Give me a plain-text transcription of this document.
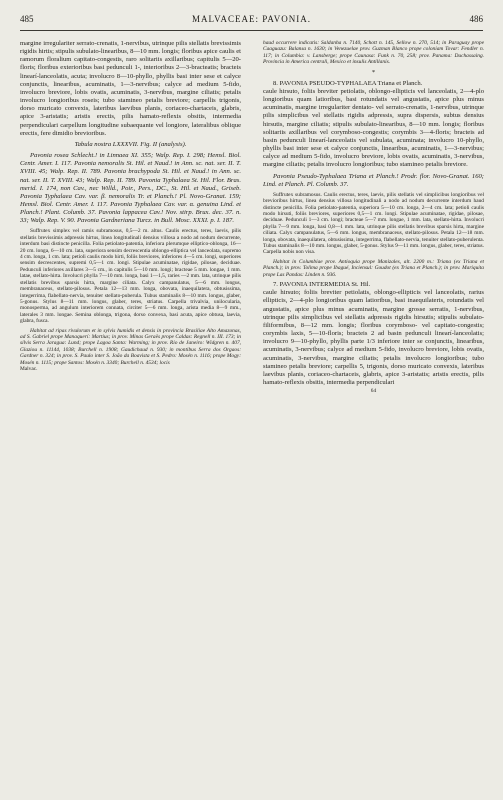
485	MALVACEAE: PAVONIA.	486

margine irregulariter serrato-crenatis, 1-nervibus, utrinque pilis stellatis brevissimis rigidis hirtis; stipulis subulato-linearibus, 8—10 mm. longis; floribus apice caulis et ramorum floralium capitato-congestis, raro solitariis axillaribus; capitulis 5—20-floris; floribus exterioribus basi pedunculi 1-, interioribus 2—3-bracteatis; bracteis linearí-lanceolatis, acuta; involucro 8—10-phyllo, phyllis basi inter sese et calyce conjunctis, linearibus, acuminatis, 1—3-nervibus; calyce ad medium 5-fido, involucro breviore, lobis ovatis, acuminatis, 3-nervibus, margine ciliatis; petalis involucro longioribus roseis; tubo stamineo petalis breviore; carpellis trigonis, dorso muricato convexis, lateribus laevibus planis, coriaceo-chartaceis, glabris, apice 3-aristatis; aristis erectis, pilis hamato-reflexis obsitis, intermedia perpendiculari carpellum longitudine subaequante vel longiore, lateralibus oblique erectis, fere dimidio brevioribus.

Tabula nostra LXXXVII. Fig. II (analysis).

Pavonia rosea Schlecht.! in Linnaea XI. 355; Walp. Rep. I. 298; Hemsl. Biol. Centr. Amer. I. 117. Pavonia nemoralis St. Hil. et Naud.! in Ann. sc. nat. ser. II. T. XVIII. 45; Walp. Rep. II. 789. Pavonia brachypoda St. Hil. et Naud.! in Ann. sc. nat. ser. II. T. XVIII. 43; Walp. Rep. II. 789. Pavonia Typhalaea St. Hil. Flor. Bras. merid. I. 174, non Cav., nec Willd., Poir., Pers., DC., St. Hil. et Naud., Griseb. Pavonia Typhalaea Cav. var. β. nemoralis Tr. et Planch.! Pl. Novo-Granat. 159; Hemsl. Biol. Centr. Amer. I. 117. Pavonia Typhalaea Cav. var. α. genuina Lind. et Planch.! Plant. Columb. 37. Pavonia lappacea Cav.! Nov. stirp. Brux. dec. 37. n. 33; Walp. Rep. V. 90. Pavonia Gardneriana Turcz. in Bull. Mosc. XXXI. p. I. 187.

Suffrutex simplex vel ramis subramosus, 0,5—2 m. altus. Caulis erectus, teres, laevis, pilis stellatis brevissimis adpressis hirtus, linea longitudinali densius villosa a nodo ad nodum decurrente, interdum basi distincte penicilla. Folia petiolato-patentia, inferiora plerumque elliptico-oblonga, 16—20 cm. longa, 6—10 cm. lata, superiora sensim decrescentia oblongo-elliptica vel lanceolata, supremo 4 cm. longa, 1 cm. lata; petioli caulis modo hirti, foliis breviores, inferiores 4—5 cm. longi, superiores sensim decrescentes, supremi 0,5—1 cm. longi. Stipulae acuminatae, rigidae, pilosae, deciduae. Pedunculi inferiores axillares 3—5 cm., in capitulis 5—10 mm. longi; bracteae 5 mm. longae, 1 mm. latae, stellato-hirta. Involucri phylla 7—10 mm. longa, basi 1—1,5, raries —2 mm. lata, utrinque pilis stellatis brevibus sparsis hirta, margine ciliata. Calyx campanulatus, 5—6 mm. longus, membranaceus, stellato-pilosus. Petala 12—13 mm. longa, obovata, inaequilatera, obtusissima, integerrima, flabellato-nervia, tenuiter stellato-puberula. Tubus staminalis 8—10 mm. longus, glaber, 5-gonus. Stylus 8—11 mm. longus, glaber, teres, striatus. Carpella trivalvia, unilocularia, monosperma, ad angulum interiorem connata, circiter 5—6 mm. longa, arista media 8—9 mm., laterales 3 mm. longae. Semina oblonga, trigona, dorso convexa, basi acuta, apice obtusa, laevia, glabra, fusca.

Habitat ad ripas rivulorum et in sylvis humidis et densis in provincia Brasiliae Alto Amazonas, ad S. Gabriel prope Manaquerí: Martius; in prov. Minas Geraës prope Caldas: Regnell n. III. 173; in silvis Serra Jaragua: Lund; prope Lagoa Santa: Warming; in prov. Rio de Janeiro: Widgren n. 407, Glaziou n. 11144, 1038; Burchell n. 1908; Gaudichaud n. 930; in montibus Serra dos Orgaos: Gardner n. 324; in prov. S. Paulo inter S. João da Boavista et S. Pedro: Mosén n. 1116; prope Mogy: Mosén n. 1115; prope Santos: Mosén n. 3340; Burchell n. 4534; locis

Malvac.

haud occurrere indicatis: Saldanha n. 7140, Schott n. 145, Sellow n. 270, 514; in Paraguay prope Caaguazu: Balansa n. 1630; in Venezuelae prov. Guzman Blanco prope coloniam Tovar: Fendler n. 117; in Columbia: v. Lansberge; prope Caunasa: Funk n. 70, 258; prov. Panama: Duchassaing. Provincia in America centrali, Mexico et insulis Antillanis.

*

8. PAVONIA PSEUDO-TYPHALAEA Triana et Planch.

caule hirsuto, foliis breviter petiolatis, oblongo-ellipticis vel lanceolatis, 2—4-plo longioribus quam latioribus, basi rotundatis vel angustatis, apice plus minus acuminatis, margine irregulariter dentato- vel serrato-crenatis, 1-nervibus, utrinque pilis simplicibus vel stellatis rigidis adpressis, supra dispersis, subtus densius hirsutis, margine ciliatis; stipulis subulato-linearibus, 8—10 mm. longis; floribus solitariis axillaribus vel corymboso-congestis; corymbis 3—4-floris; bracteis ad basin pedunculi linearí-lanceolatis vel subulata, acuminata; involucro 10-phyllo, phyllis basi inter sese et calyce conjunctis, linearibus, acuminatis, 1—3-nervibus; calyce ad medium 5-fido, involucro breviore, lobis ovatis, acuminatis, 3-nervibus, margine ciliatis; petalis involucro longioribus; tubo stamineo petalis breviore.

Pavonia Pseudo-Typhalaea Triana et Planch.! Prodr. flor. Novo-Granat. 160; Lind. et Planch. Pl. Columb. 37.

Suffrutex subramosus. Caulis erectus, teres, laevis, pilis stellatis vel simplicibus longioribus vel brevioribus hirtus, linea densius villosa longitudinali a nodo ad nodum decurrente interdum haud distincte penicilla. Folia petiolato-patentia, superiora 5—10 cm. longa, 2—4 cm. lata; petioli caulis modo hirsuti, foliis breviores, superiores 0,5—1 cm. longi. Stipulae acuminatae, rigidae, pilosae, deciduae. Pedunculi 1—3 cm. longi; bracteae 5—7 mm. longae, 1 mm. lata, stellato-hirta. Involucri phylla 7—9 mm. longa, basi 0,8—1 mm. lata, utrinque pilis stellatis brevibus sparsis hirta, margine ciliata. Calyx campanulatus, 5—6 mm. longus, membranaceus, stellato-pilosus. Petala 12—18 mm. longa, obovata, inaequilatera, obtusissima, integerrima, flabellato-nervia, tenuiter stellato-puberulenta. Tubus staminalis 8—10 mm. longus, glaber, 5-gonus. Stylus 9—11 mm. longus, glaber, teres, striatus. Carpella nobis non visa.

Habitat in Columbiae prov. Antioquia prope Manizales, alt. 2200 m.: Triana (ex Triana et Planch.); in prov. Tolima prope Ibagué, Inciensul: Goudot (ex Triana et Planch.); in prov. Mariquita prope Las Pandas: Linden n. 936.

7. PAVONIA INTERMEDIA St. Hil.

caule hirsuto; foliis breviter petiolatis, oblongo-ellipticis vel lanceolatis, rarius ellipticis, 2—4-plo longioribus quam latioribus, basi inaequilateris, rotundatis vel angustatis, apice plus minus acuminatis, margine grosse serratis, 1-nervibus, utrinque pilis simplicibus vel stellatis adpressis rigidis hirsutis; stipulis subulato-filiformibus, 8—12 mm. longis; floribus corymboso- vel capitato-congestis; corymbis laxis, 5—10-floris; bracteis 2 ad basin pedunculi linearí-lanceolatis; involucro 9—10-phyllo, phyllis parte 1/3 inferiore inter se conjunctis, linearibus, acuminatis, 3-nervibus; calyce ad medium 5-fido, involucro breviore, lobis ovatis, acuminatis, 3-nervibus, margine ciliatis; petalis involucro longioribus; tubo stamineo petalis breviore; carpellis 5, trigonis, dorso muricato convexis, lateribus laevibus planis, coriaceo-chartaceis, glabris, apice 3-aristatis; aristis erectis, pilis hamato-reflexis obsitis, intermedia perpendiculari

64
